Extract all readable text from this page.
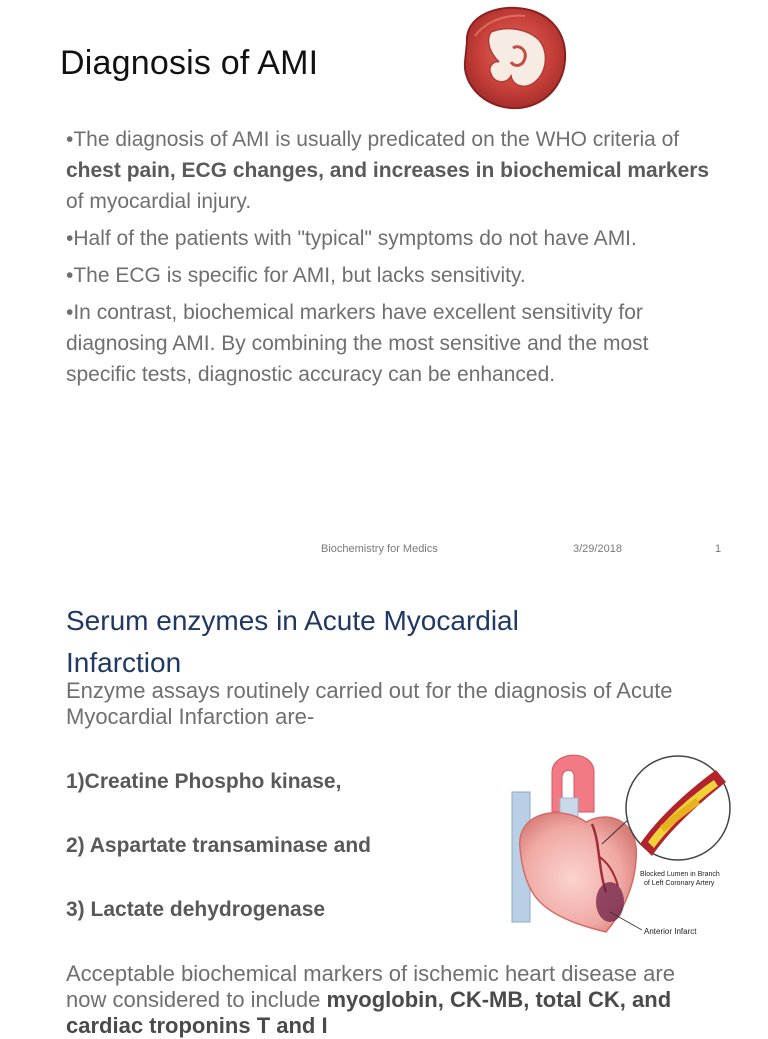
Diagnosis of AMI

•The diagnosis of AMI is usually predicated on the WHO criteria of chest pain, ECG changes, and increases in biochemical markers of myocardial injury.

•Half of the patients with "typical" symptoms do not have AMI.

•The ECG is specific for AMI, but lacks sensitivity.

•In contrast, biochemical markers have excellent sensitivity for diagnosing AMI. By combining the most sensitive and the most specific tests, diagnostic accuracy can be enhanced.

Biochemistry for Medics	3/29/2018	1
Serum enzymes in Acute Myocardial Infarction

Enzyme assays routinely carried out for the diagnosis of Acute Myocardial Infarction are-

1)Creatine Phospho kinase,

2) Aspartate transaminase and

3) Lactate dehydrogenase

Blocked Lumen in Branch
of Left Coronary Artery
Anterior Infarct

Acceptable biochemical markers of ischemic heart disease are now considered to include myoglobin, CK-MB, total CK, and cardiac troponins T and I
